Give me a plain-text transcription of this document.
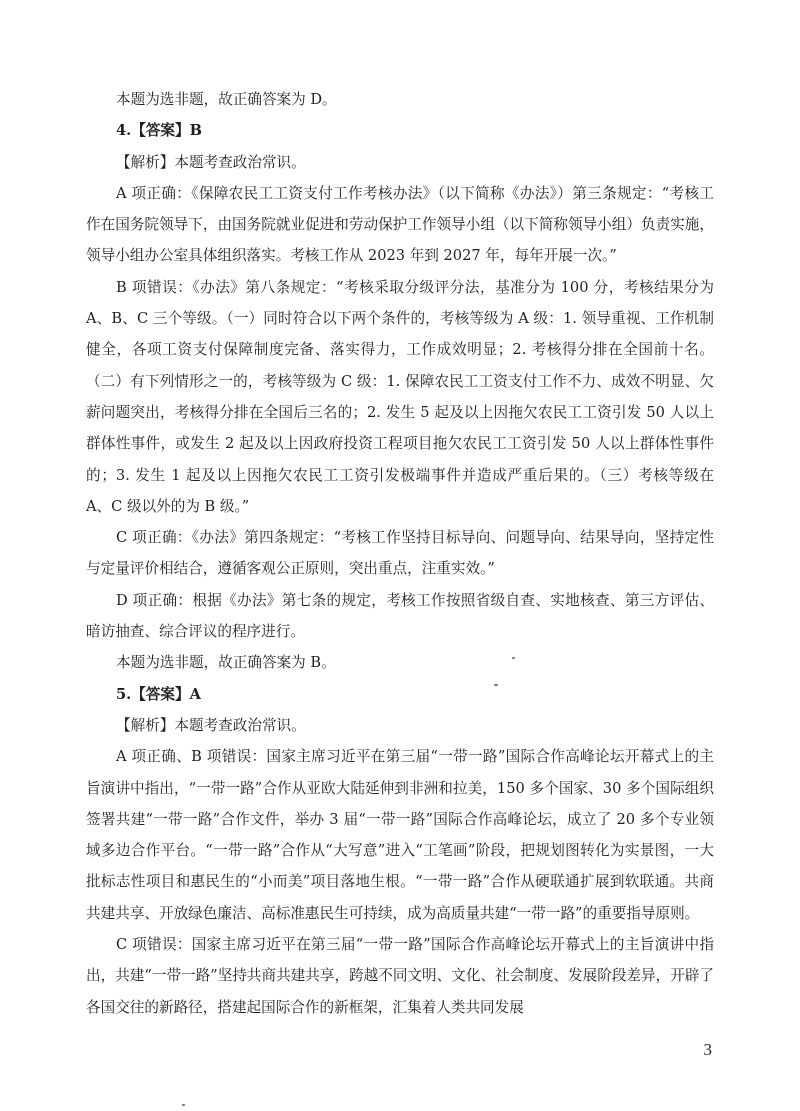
本题为选非题，故正确答案为 D。

4.【答案】B

【解析】本题考查政治常识。

A 项正确：《保障农民工工资支付工作考核办法》（以下简称《办法》）第三条规定：“考核工作在国务院领导下，由国务院就业促进和劳动保护工作领导小组（以下简称领导小组）负责实施，领导小组办公室具体组织落实。考核工作从 2023 年到 2027 年，每年开展一次。”

B 项错误：《办法》第八条规定：“考核采取分级评分法，基准分为 100 分，考核结果分为 A、B、C 三个等级。（一）同时符合以下两个条件的，考核等级为 A 级：1. 领导重视、工作机制健全，各项工资支付保障制度完备、落实得力，工作成效明显；2. 考核得分排在全国前十名。（二）有下列情形之一的，考核等级为 C 级：1. 保障农民工工资支付工作不力、成效不明显、欠薪问题突出，考核得分排在全国后三名的；2. 发生 5 起及以上因拖欠农民工工资引发 50 人以上群体性事件，或发生 2 起及以上因政府投资工程项目拖欠农民工工资引发 50 人以上群体性事件的；3. 发生 1 起及以上因拖欠农民工工资引发极端事件并造成严重后果的。（三）考核等级在 A、C 级以外的为 B 级。”

C 项正确：《办法》第四条规定：“考核工作坚持目标导向、问题导向、结果导向，坚持定性与定量评价相结合，遵循客观公正原则，突出重点，注重实效。”

D 项正确：根据《办法》第七条的规定，考核工作按照省级自查、实地核查、第三方评估、暗访抽查、综合评议的程序进行。

本题为选非题，故正确答案为 B。

5.【答案】A

【解析】本题考查政治常识。

A 项正确、B 项错误：国家主席习近平在第三届“一带一路”国际合作高峰论坛开幕式上的主旨演讲中指出，“一带一路”合作从亚欧大陆延伸到非洲和拉美，150 多个国家、30 多个国际组织签署共建“一带一路”合作文件，举办 3 届“一带一路”国际合作高峰论坛，成立了 20 多个专业领域多边合作平台。“一带一路”合作从“大写意”进入“工笔画”阶段，把规划图转化为实景图，一大批标志性项目和惠民生的“小而美”项目落地生根。“一带一路”合作从硬联通扩展到软联通。共商共建共享、开放绿色廉洁、高标准惠民生可持续，成为高质量共建“一带一路”的重要指导原则。

C 项错误：国家主席习近平在第三届“一带一路”国际合作高峰论坛开幕式上的主旨演讲中指出，共建“一带一路”坚持共商共建共享，跨越不同文明、文化、社会制度、发展阶段差异，开辟了各国交往的新路径，搭建起国际合作的新框架，汇集着人类共同发展

3
